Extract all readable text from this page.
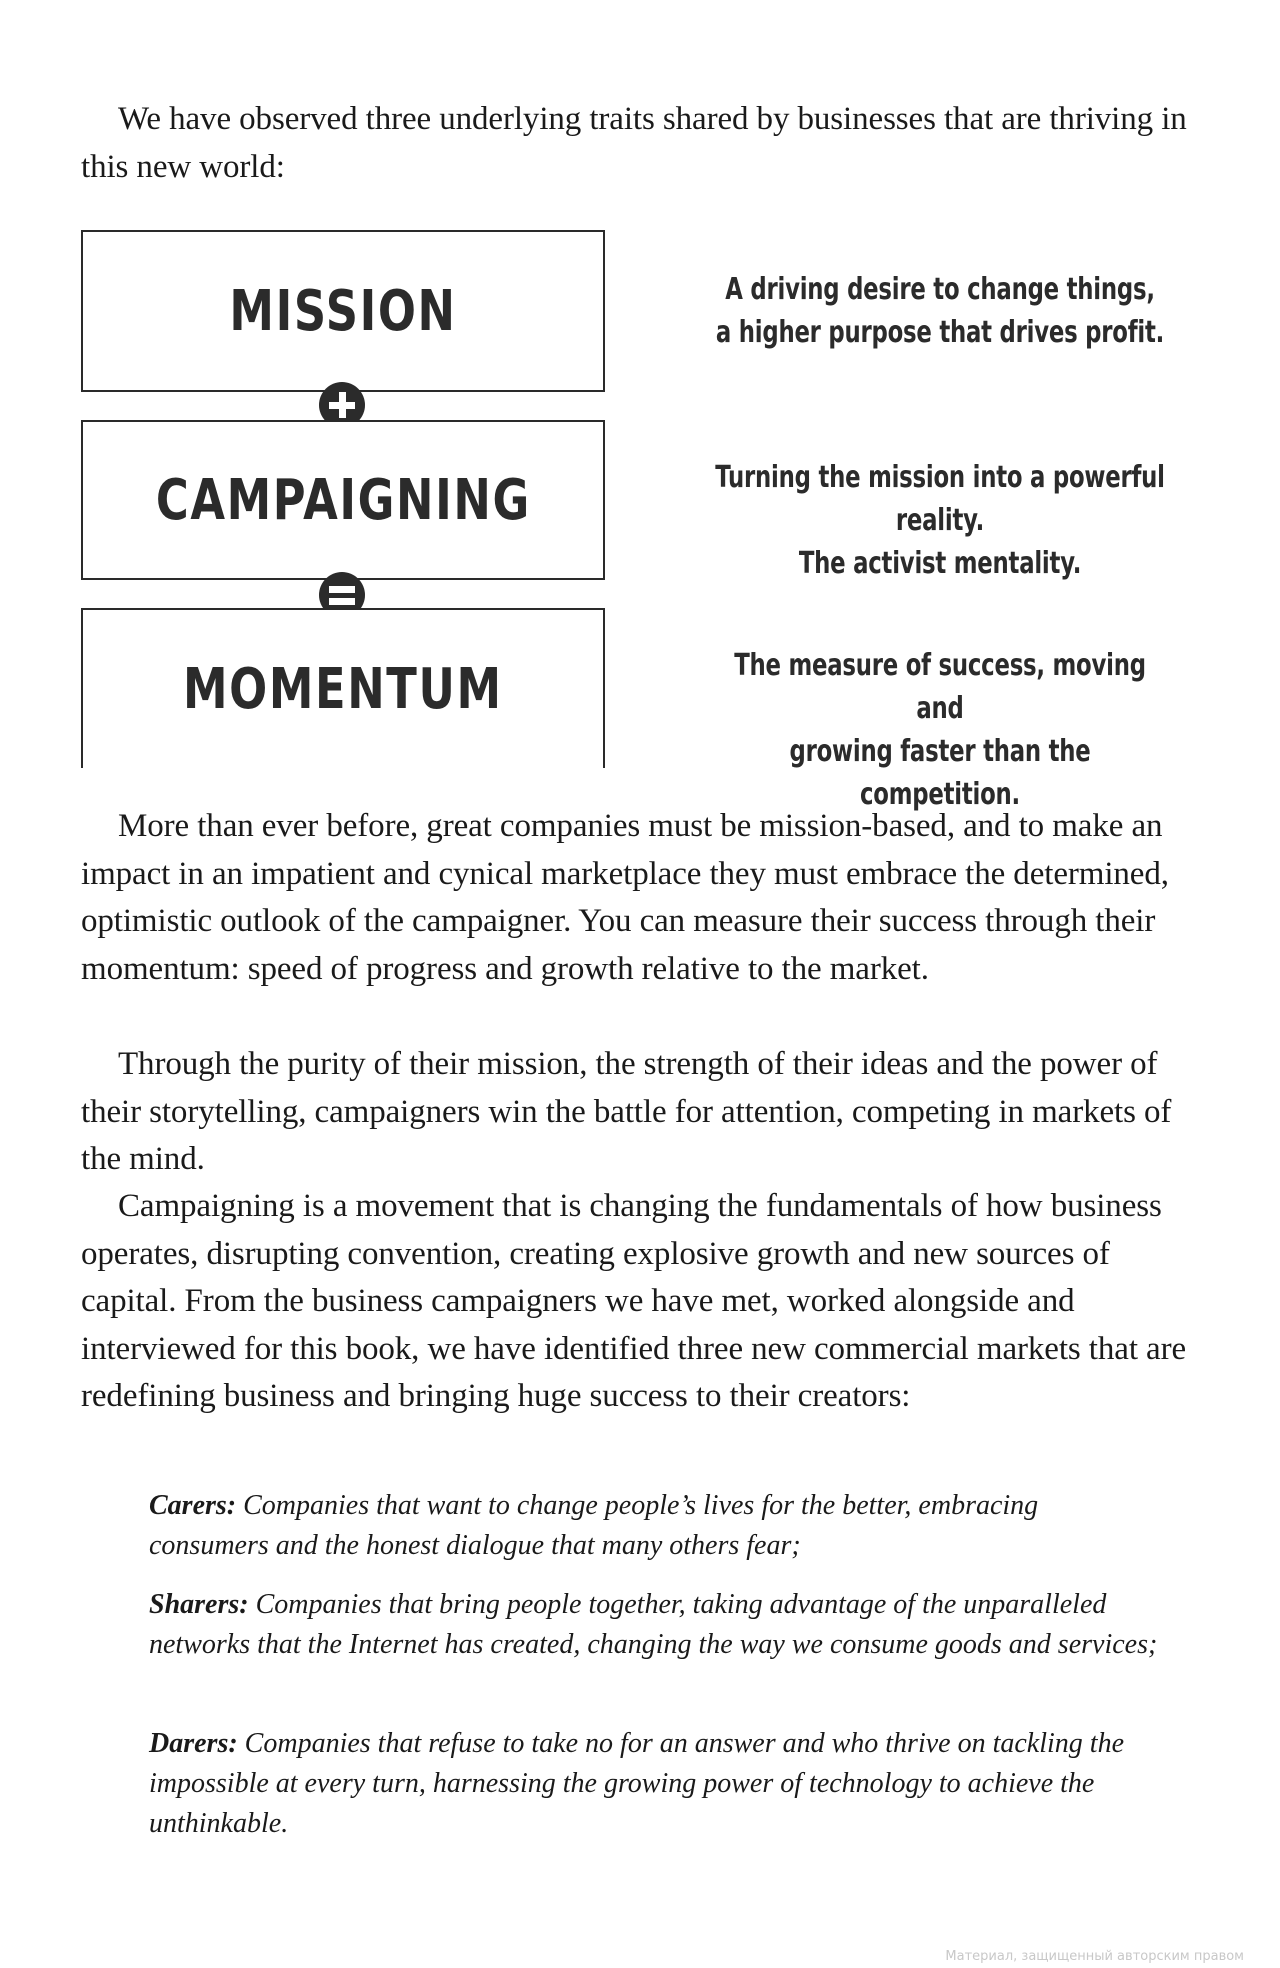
We have observed three underlying traits shared by businesses that are thriving in this new world:

MISSION
CAMPAIGNING
MOMENTUM
A driving desire to change things,
a higher purpose that drives profit.
Turning the mission into a powerful reality.
The activist mentality.
The measure of success, moving and
growing faster than the competition.

More than ever before, great companies must be mission-based, and to make an impact in an impatient and cynical marketplace they must embrace the determined, optimistic outlook of the campaigner. You can measure their success through their momentum: speed of progress and growth relative to the market.

Through the purity of their mission, the strength of their ideas and the power of their storytelling, campaigners win the battle for attention, competing in markets of the mind.

Campaigning is a movement that is changing the fundamentals of how business operates, disrupting convention, creating explosive growth and new sources of capital. From the business campaigners we have met, worked alongside and interviewed for this book, we have identified three new commercial markets that are redefining business and bringing huge success to their creators:

Carers: Companies that want to change people’s lives for the better, embracing consumers and the honest dialogue that many others fear;

Sharers: Companies that bring people together, taking advantage of the unparalleled networks that the Internet has created, changing the way we consume goods and services;

Darers: Companies that refuse to take no for an answer and who thrive on tackling the impossible at every turn, harnessing the growing power of technology to achieve the unthinkable.

Материал, защищенный авторским правом
